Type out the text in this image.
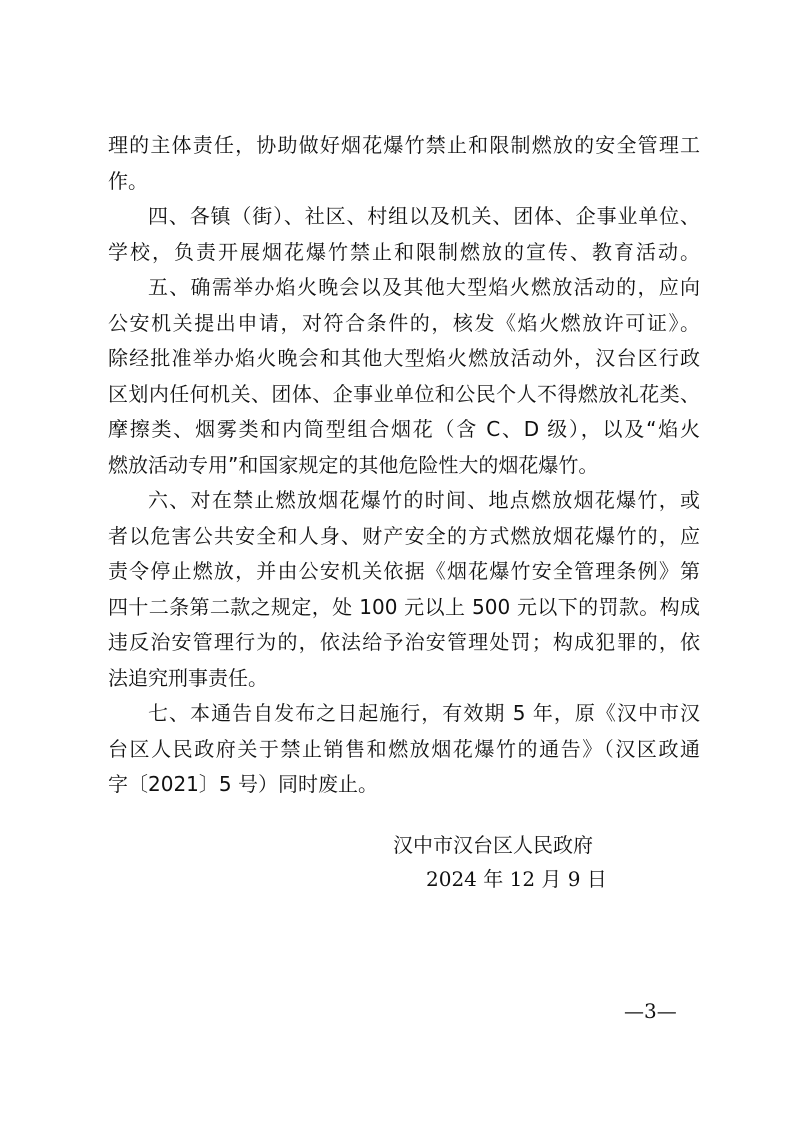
理的主体责任，协助做好烟花爆竹禁止和限制燃放的安全管理工
作。
四、各镇（街）、社区、村组以及机关、团体、企事业单位、
学校，负责开展烟花爆竹禁止和限制燃放的宣传、教育活动。
五、确需举办焰火晚会以及其他大型焰火燃放活动的，应向
公安机关提出申请，对符合条件的，核发《焰火燃放许可证》。
除经批准举办焰火晚会和其他大型焰火燃放活动外，汉台区行政
区划内任何机关、团体、企事业单位和公民个人不得燃放礼花类、
摩擦类、烟雾类和内筒型组合烟花（含 C、D 级），以及“焰火
燃放活动专用”和国家规定的其他危险性大的烟花爆竹。
六、对在禁止燃放烟花爆竹的时间、地点燃放烟花爆竹，或
者以危害公共安全和人身、财产安全的方式燃放烟花爆竹的，应
责令停止燃放，并由公安机关依据《烟花爆竹安全管理条例》第
四十二条第二款之规定，处 100 元以上 500 元以下的罚款。构成
违反治安管理行为的，依法给予治安管理处罚；构成犯罪的，依
法追究刑事责任。
七、本通告自发布之日起施行，有效期 5 年，原《汉中市汉
台区人民政府关于禁止销售和燃放烟花爆竹的通告》（汉区政通
字〔2021〕5 号）同时废止。
汉中市汉台区人民政府
2024 年 12 月 9 日
—3—
